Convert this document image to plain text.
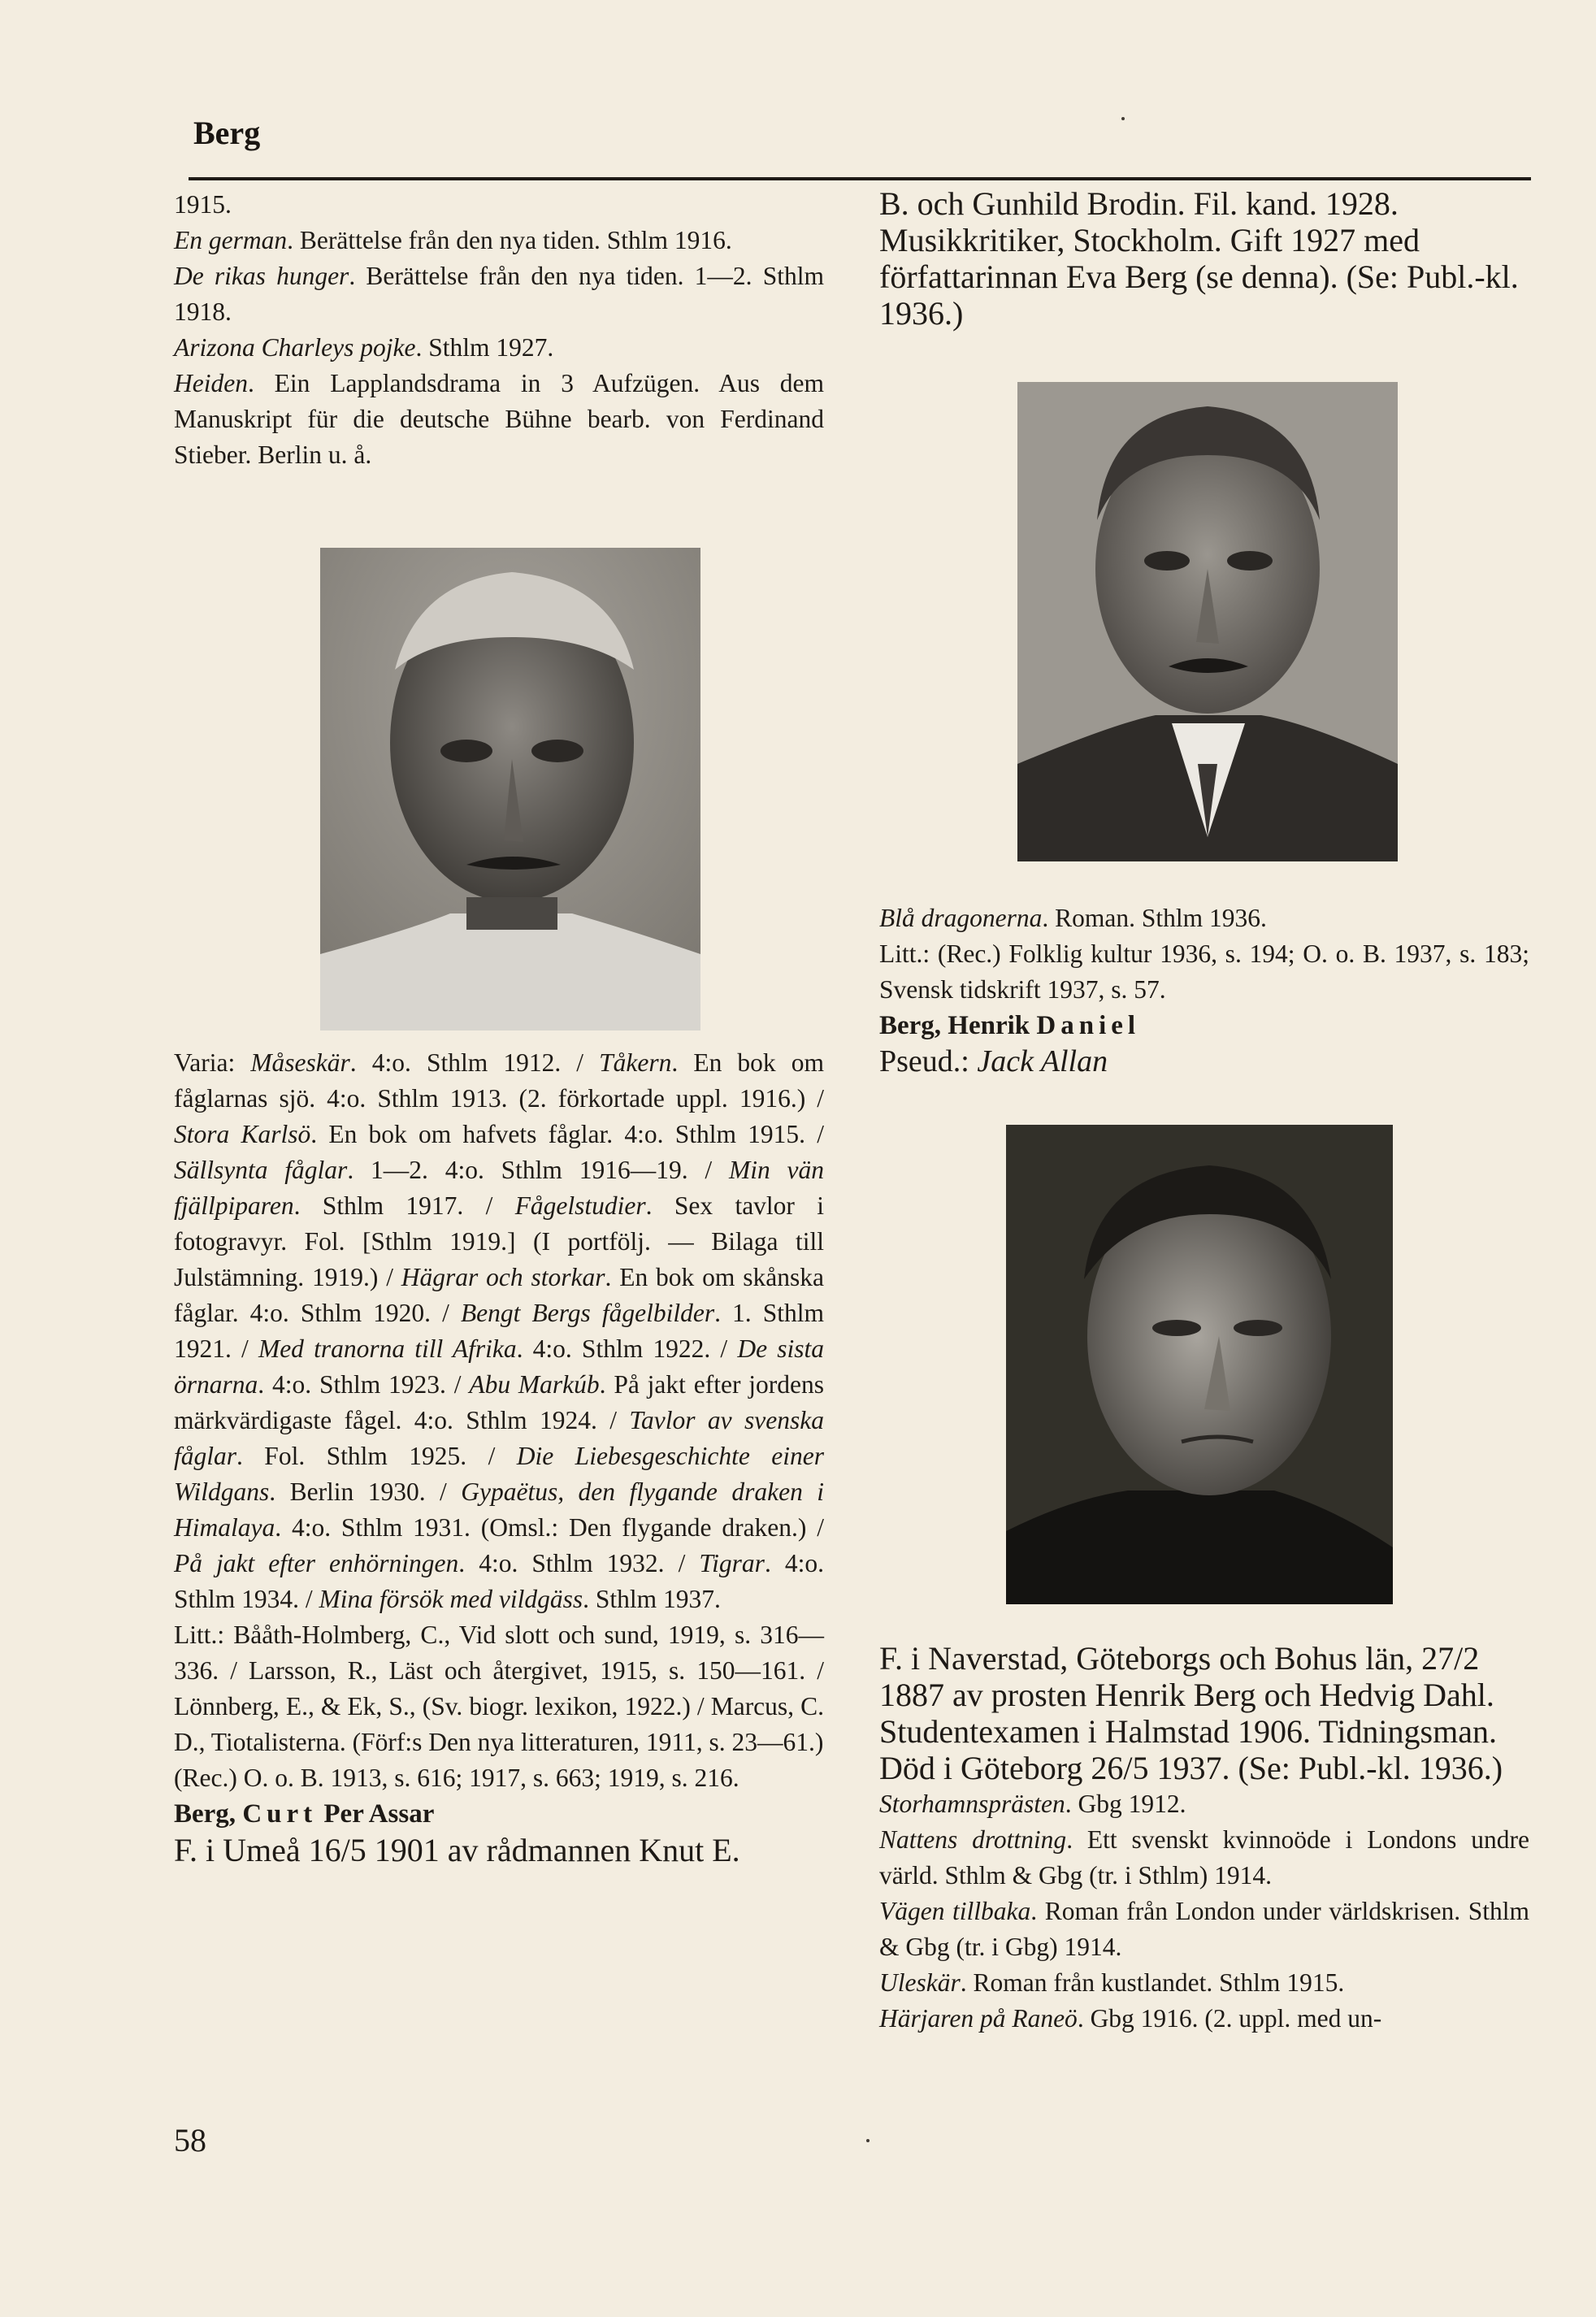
Berg

1915.

En german. Berättelse från den nya tiden. Sthlm 1916.

De rikas hunger. Berättelse från den nya tiden. 1—2. Sthlm 1918.

Arizona Charleys pojke. Sthlm 1927.

Heiden. Ein Lapplandsdrama in 3 Aufzügen. Aus dem Manuskript für die deutsche Bühne bearb. von Ferdinand Stieber. Berlin u. å.

Varia: Måseskär. 4:o. Sthlm 1912. / Tåkern. En bok om fåglarnas sjö. 4:o. Sthlm 1913. (2. förkortade uppl. 1916.) / Stora Karlsö. En bok om hafvets fåglar. 4:o. Sthlm 1915. / Sällsynta fåglar. 1—2. 4:o. Sthlm 1916—19. / Min vän fjällpiparen. Sthlm 1917. / Fågelstudier. Sex tavlor i fotogravyr. Fol. [Sthlm 1919.] (I portfölj. — Bilaga till Julstämning. 1919.) / Hägrar och storkar. En bok om skånska fåglar. 4:o. Sthlm 1920. / Bengt Bergs fågelbilder. 1. Sthlm 1921. / Med tranorna till Afrika. 4:o. Sthlm 1922. / De sista örnarna. 4:o. Sthlm 1923. / Abu Markúb. På jakt efter jordens märkvärdigaste fågel. 4:o. Sthlm 1924. / Tavlor av svenska fåglar. Fol. Sthlm 1925. / Die Liebesgeschichte einer Wildgans. Berlin 1930. / Gypaëtus, den flygande draken i Himalaya. 4:o. Sthlm 1931. (Omsl.: Den flygande draken.) / På jakt efter enhörningen. 4:o. Sthlm 1932. / Tigrar. 4:o. Sthlm 1934. / Mina försök med vildgäss. Sthlm 1937.

Litt.: Bååth-Holmberg, C., Vid slott och sund, 1919, s. 316—336. / Larsson, R., Läst och återgivet, 1915, s. 150—161. / Lönnberg, E., & Ek, S., (Sv. biogr. lexikon, 1922.) / Marcus, C. D., Tiotalisterna. (Förf:s Den nya litteraturen, 1911, s. 23—61.)

(Rec.) O. o. B. 1913, s. 616; 1917, s. 663; 1919, s. 216.

Berg, Curt Per Assar

F. i Umeå 16/5 1901 av rådmannen Knut E.

B. och Gunhild Brodin. Fil. kand. 1928. Musikkritiker, Stockholm. Gift 1927 med författarinnan Eva Berg (se denna). (Se: Publ.-kl. 1936.)

Blå dragonerna. Roman. Sthlm 1936.

Litt.: (Rec.) Folklig kultur 1936, s. 194; O. o. B. 1937, s. 183; Svensk tidskrift 1937, s. 57.

Berg, Henrik Daniel

Pseud.: Jack Allan

F. i Naverstad, Göteborgs och Bohus län, 27/2 1887 av prosten Henrik Berg och Hedvig Dahl. Studentexamen i Halmstad 1906. Tidningsman. Död i Göteborg 26/5 1937. (Se: Publ.-kl. 1936.)

Storhamnsprästen. Gbg 1912.

Nattens drottning. Ett svenskt kvinnoöde i Londons undre värld. Sthlm & Gbg (tr. i Sthlm) 1914.

Vägen tillbaka. Roman från London under världskrisen. Sthlm & Gbg (tr. i Gbg) 1914.

Uleskär. Roman från kustlandet. Sthlm 1915.

Härjaren på Raneö. Gbg 1916. (2. uppl. med un-

58
